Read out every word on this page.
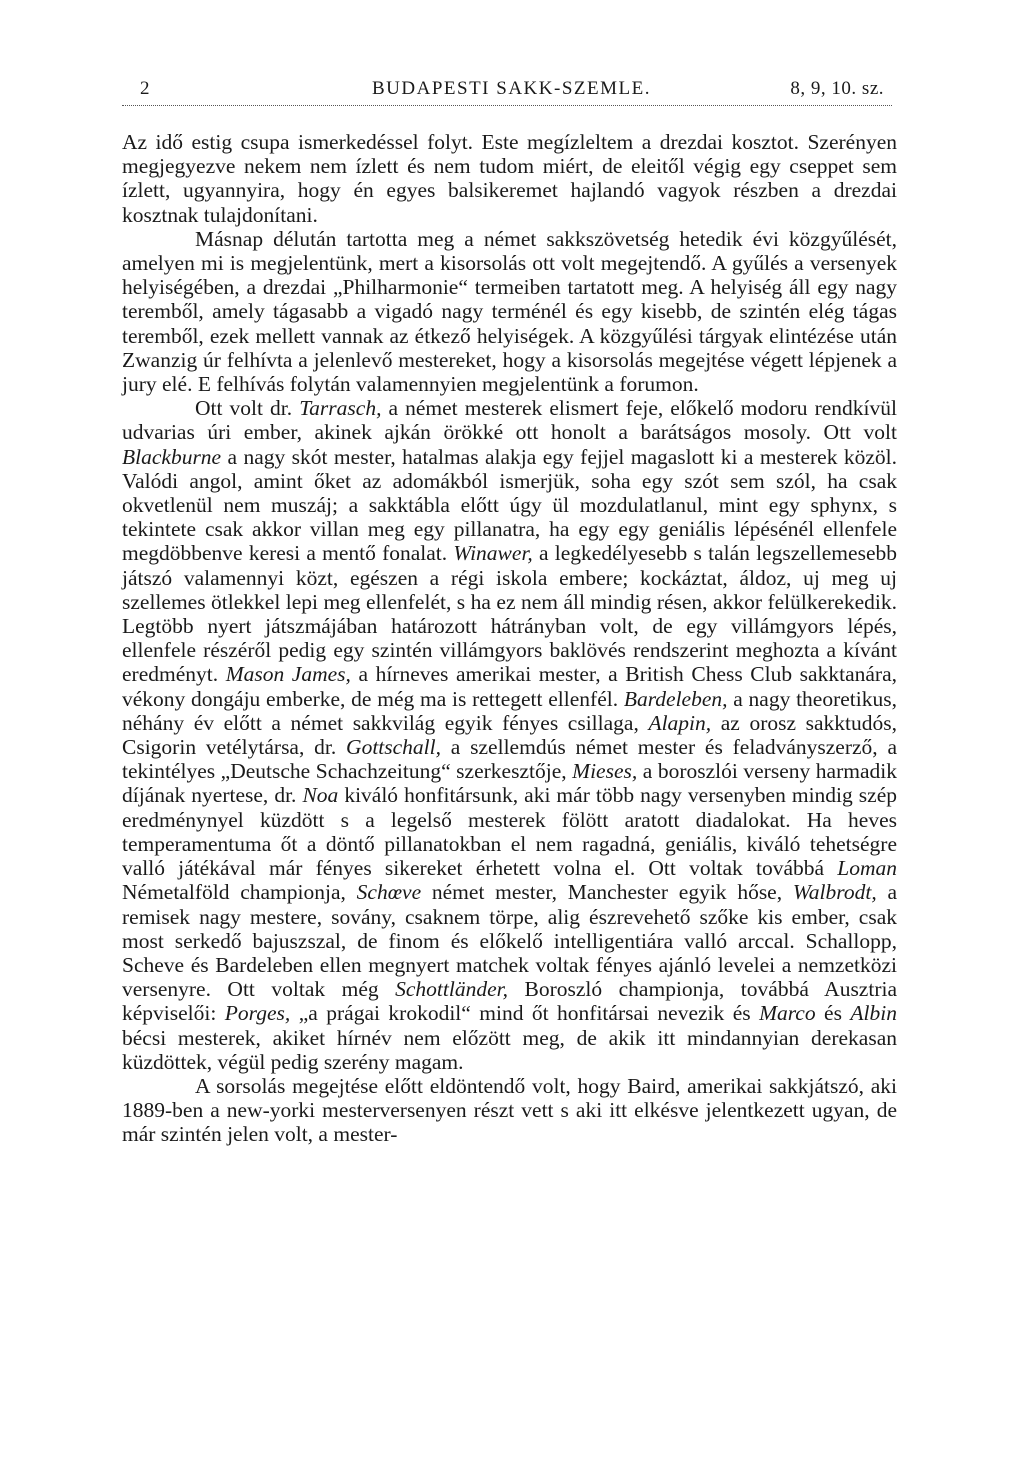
2	BUDAPESTI SAKK-SZEMLE.	8, 9, 10. sz.

Az idő estig csupa ismerkedéssel folyt. Este megízleltem a drezdai kosztot. Szerényen megjegyezve nekem nem ízlett és nem tudom miért, de eleitől végig egy cseppet sem ízlett, ugyannyira, hogy én egyes balsikeremet hajlandó vagyok részben a drezdai kosztnak tulajdonítani.

Másnap délután tartotta meg a német sakkszövetség hetedik évi közgyűlését, amelyen mi is megjelentünk, mert a kisorsolás ott volt megejtendő. A gyűlés a versenyek helyiségében, a drezdai „Philharmonie“ termeiben tartatott meg. A helyiség áll egy nagy teremből, amely tágasabb a vigadó nagy terménél és egy kisebb, de szintén elég tágas teremből, ezek mellett vannak az étkező helyiségek. A közgyűlési tárgyak elintézése után Zwanzig úr felhívta a jelenlevő mestereket, hogy a kisorsolás megejtése végett lépjenek a jury elé. E felhívás folytán valamennyien megjelentünk a forumon.

Ott volt dr. Tarrasch, a német mesterek elismert feje, előkelő modoru rendkívül udvarias úri ember, akinek ajkán örökké ott honolt a barátságos mosoly. Ott volt Blackburne a nagy skót mester, hatalmas alakja egy fejjel magaslott ki a mesterek közöl. Valódi angol, amint őket az adomákból ismerjük, soha egy szót sem szól, ha csak okvetlenül nem muszáj; a sakktábla előtt úgy ül mozdulatlanul, mint egy sphynx, s tekintete csak akkor villan meg egy pillanatra, ha egy egy geniális lépésénél ellenfele megdöbbenve keresi a mentő fonalat. Winawer, a legkedélyesebb s talán legszellemesebb játszó valamennyi közt, egészen a régi iskola embere; kockáztat, áldoz, uj meg uj szellemes ötlekkel lepi meg ellenfelét, s ha ez nem áll mindig résen, akkor felülkerekedik. Legtöbb nyert játszmájában határozott hátrányban volt, de egy villámgyors lépés, ellenfele részéről pedig egy szintén villámgyors baklövés rendszerint meghozta a kívánt eredményt. Mason James, a hírneves amerikai mester, a British Chess Club sakktanára, vékony dongáju emberke, de még ma is rettegett ellenfél. Bardeleben, a nagy theoretikus, néhány év előtt a német sakkvilág egyik fényes csillaga, Alapin, az orosz sakktudós, Csigorin vetélytársa, dr. Gottschall, a szellemdús német mester és feladványszerző, a tekintélyes „Deutsche Schachzeitung“ szerkesztője, Mieses, a boroszlói verseny harmadik díjának nyertese, dr. Noa kiváló honfitársunk, aki már több nagy versenyben mindig szép eredménynyel küzdött s a legelső mesterek fölött aratott diadalokat. Ha heves temperamentuma őt a döntő pillanatokban el nem ragadná, geniális, kiváló tehetségre valló játékával már fényes sikereket érhetett volna el. Ott voltak továbbá Loman Németalföld championja, Schœve német mester, Manchester egyik hőse, Walbrodt, a remisek nagy mestere, sovány, csaknem törpe, alig észrevehető szőke kis ember, csak most serkedő bajuszszal, de finom és előkelő intelligentiára valló arccal. Schallopp, Scheve és Bardeleben ellen megnyert matchek voltak fényes ajánló levelei a nemzetközi versenyre. Ott voltak még Schottländer, Boroszló championja, továbbá Ausztria képviselői: Porges, „a prágai krokodil“ mind őt honfitársai nevezik és Marco és Albin bécsi mesterek, akiket hírnév nem előzött meg, de akik itt mindannyian derekasan küzdöttek, végül pedig szerény magam.

A sorsolás megejtése előtt eldöntendő volt, hogy Baird, amerikai sakkjátszó, aki 1889-ben a new-yorki mesterversenyen részt vett s aki itt elkésve jelentkezett ugyan, de már szintén jelen volt, a mester-
